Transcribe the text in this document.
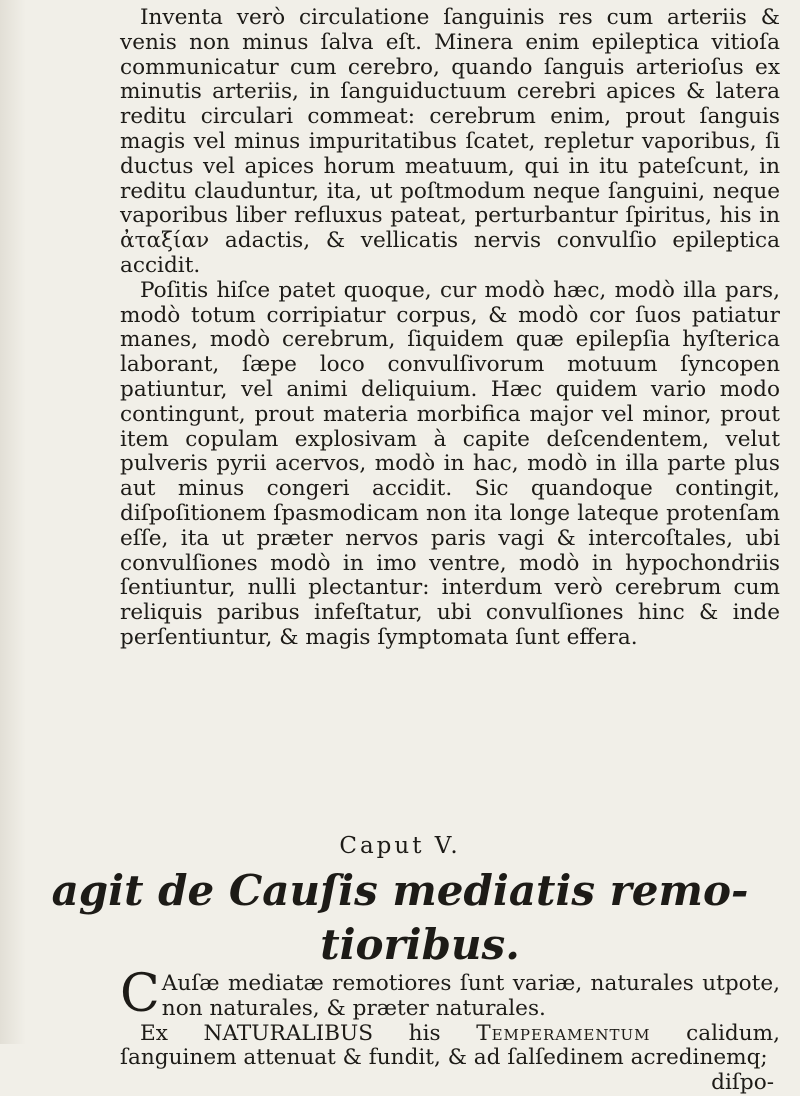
Inventa verò circulatione ſanguinis res cum arteriis & venis non minus ſalva eſt. Minera enim epileptica vitioſa communicatur cum cerebro, quando ſanguis arterioſus ex minutis arteriis, in ſanguiductuum cerebri apices & latera reditu circulari commeat: cerebrum enim, prout ſanguis magis vel minus impuritatibus ſcatet, repletur vaporibus, ſi ductus vel apices horum meatuum, qui in itu pateſcunt, in reditu clauduntur, ita, ut poſtmodum neque ſanguini, neque vaporibus liber refluxus pateat, perturbantur ſpiritus, his in ἀταξίαν adactis, & vellicatis nervis convulſio epileptica accidit.

Poſitis hiſce patet quoque, cur modò hæc, modò illa pars, modò totum corripiatur corpus, & modò cor ſuos patiatur manes, modò cerebrum, ſiquidem quæ epilepſia hyſterica laborant, ſæpe loco convulſivorum motuum ſyncopen patiuntur, vel animi deliquium. Hæc quidem vario modo contingunt, prout materia morbifica major vel minor, prout item copulam explosivam à capite deſcendentem, velut pulveris pyrii acervos, modò in hac, modò in illa parte plus aut minus congeri accidit. Sic quandoque contingit, diſpoſitionem ſpasmodicam non ita longe lateque protenſam eſſe, ita ut præter nervos paris vagi & intercoſtales, ubi convulſiones modò in imo ventre, modò in hypochondriis ſentiuntur, nulli plectantur: interdum verò cerebrum cum reliquis paribus infeſtatur, ubi convulſiones hinc & inde perſentiuntur, & magis ſymptomata ſunt effera.

Caput V.
agit de Cauſis mediatis remo-
tioribus.

C Auſæ mediatæ remotiores ſunt variæ, naturales utpote, non naturales, & præter naturales.

Ex NATURALIBUS his Temperamentum calidum, ſanguinem attenuat & fundit, & ad ſalſedinem acredinemq;

diſpo-
